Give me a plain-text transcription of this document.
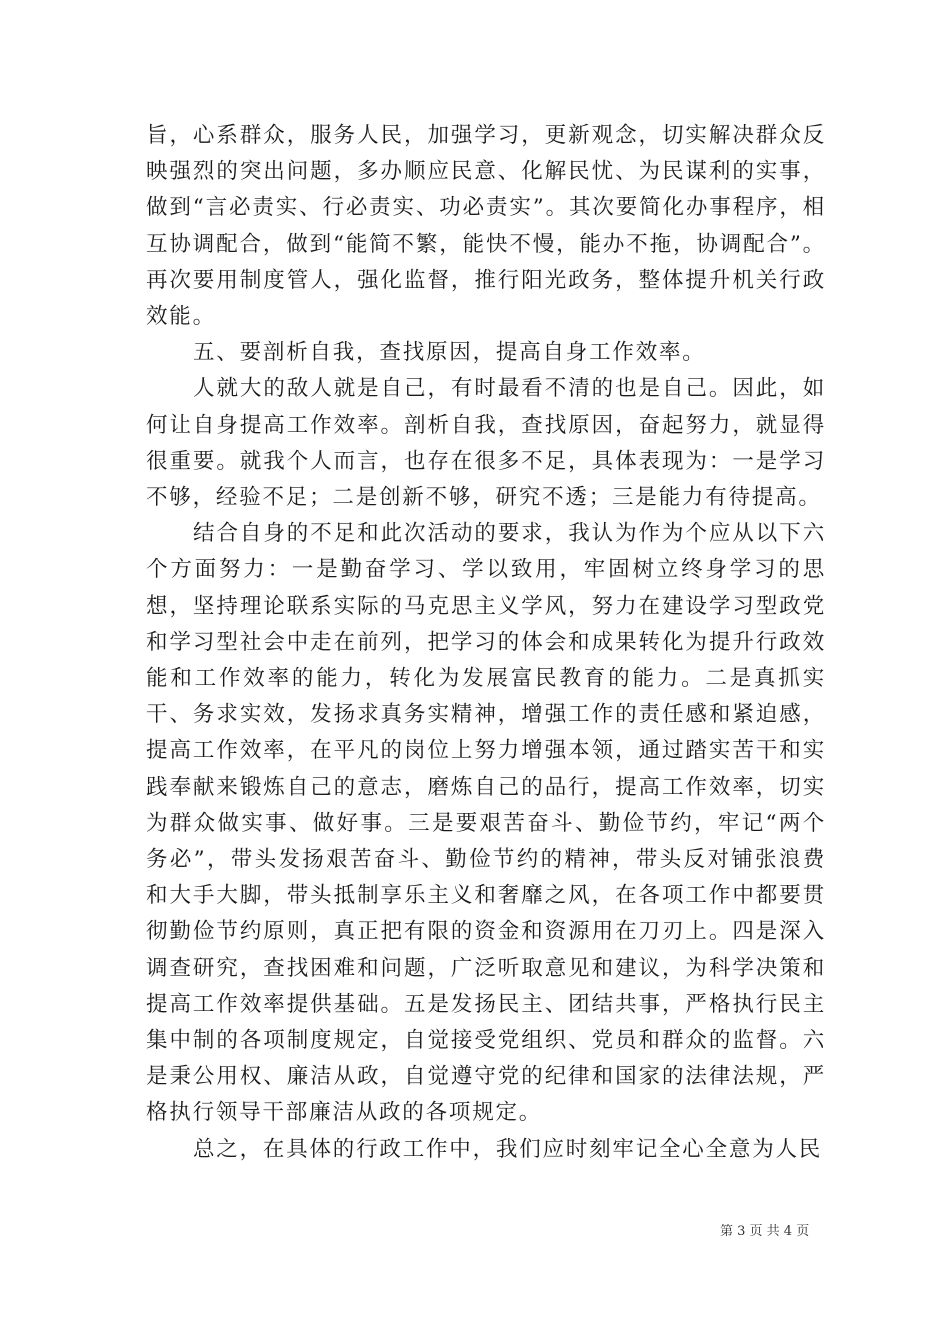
旨，心系群众，服务人民，加强学习，更新观念，切实解决群众反映强烈的突出问题，多办顺应民意、化解民忧、为民谋利的实事，做到“言必责实、行必责实、功必责实”。其次要简化办事程序，相互协调配合，做到“能简不繁，能快不慢，能办不拖，协调配合”。再次要用制度管人，强化监督，推行阳光政务，整体提升机关行政效能。

五、要剖析自我，查找原因，提高自身工作效率。

人就大的敌人就是自己，有时最看不清的也是自己。因此，如何让自身提高工作效率。剖析自我，查找原因，奋起努力，就显得很重要。就我个人而言，也存在很多不足，具体表现为：一是学习不够，经验不足；二是创新不够，研究不透；三是能力有待提高。

结合自身的不足和此次活动的要求，我认为作为个应从以下六个方面努力：一是勤奋学习、学以致用，牢固树立终身学习的思想，坚持理论联系实际的马克思主义学风，努力在建设学习型政党和学习型社会中走在前列，把学习的体会和成果转化为提升行政效能和工作效率的能力，转化为发展富民教育的能力。二是真抓实干、务求实效，发扬求真务实精神，增强工作的责任感和紧迫感，提高工作效率，在平凡的岗位上努力增强本领，通过踏实苦干和实践奉献来锻炼自己的意志，磨炼自己的品行，提高工作效率，切实为群众做实事、做好事。三是要艰苦奋斗、勤俭节约，牢记“两个务必”，带头发扬艰苦奋斗、勤俭节约的精神，带头反对铺张浪费和大手大脚，带头抵制享乐主义和奢靡之风，在各项工作中都要贯彻勤俭节约原则，真正把有限的资金和资源用在刀刃上。四是深入调查研究，查找困难和问题，广泛听取意见和建议，为科学决策和提高工作效率提供基础。五是发扬民主、团结共事，严格执行民主集中制的各项制度规定，自觉接受党组织、党员和群众的监督。六是秉公用权、廉洁从政，自觉遵守党的纪律和国家的法律法规，严格执行领导干部廉洁从政的各项规定。

总之，在具体的行政工作中，我们应时刻牢记全心全意为人民

第 3 页 共 4 页
